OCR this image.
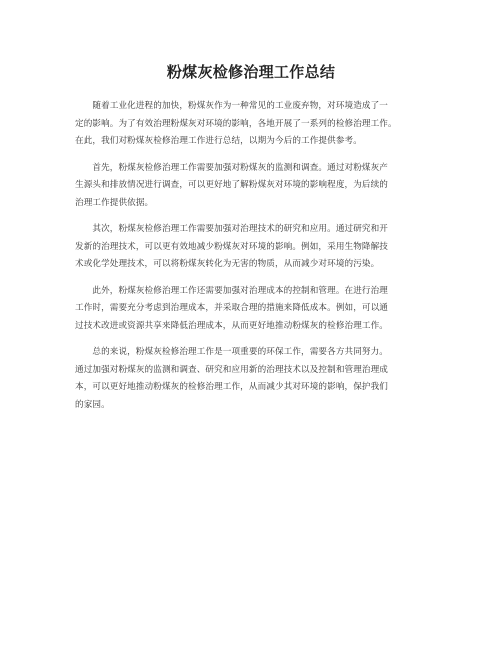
粉煤灰检修治理工作总结

　　随着工业化进程的加快，粉煤灰作为一种常见的工业废弃物，对环境造成了一
定的影响。为了有效治理粉煤灰对环境的影响，各地开展了一系列的检修治理工作。
在此，我们对粉煤灰检修治理工作进行总结，以期为今后的工作提供参考。

　　首先，粉煤灰检修治理工作需要加强对粉煤灰的监测和调查。通过对粉煤灰产
生源头和排放情况进行调查，可以更好地了解粉煤灰对环境的影响程度，为后续的
治理工作提供依据。

　　其次，粉煤灰检修治理工作需要加强对治理技术的研究和应用。通过研究和开
发新的治理技术，可以更有效地减少粉煤灰对环境的影响。例如，采用生物降解技
术或化学处理技术，可以将粉煤灰转化为无害的物质，从而减少对环境的污染。

　　此外，粉煤灰检修治理工作还需要加强对治理成本的控制和管理。在进行治理
工作时，需要充分考虑到治理成本，并采取合理的措施来降低成本。例如，可以通
过技术改进或资源共享来降低治理成本，从而更好地推动粉煤灰的检修治理工作。

　　总的来说，粉煤灰检修治理工作是一项重要的环保工作，需要各方共同努力。
通过加强对粉煤灰的监测和调查、研究和应用新的治理技术以及控制和管理治理成
本，可以更好地推动粉煤灰的检修治理工作，从而减少其对环境的影响，保护我们
的家园。
